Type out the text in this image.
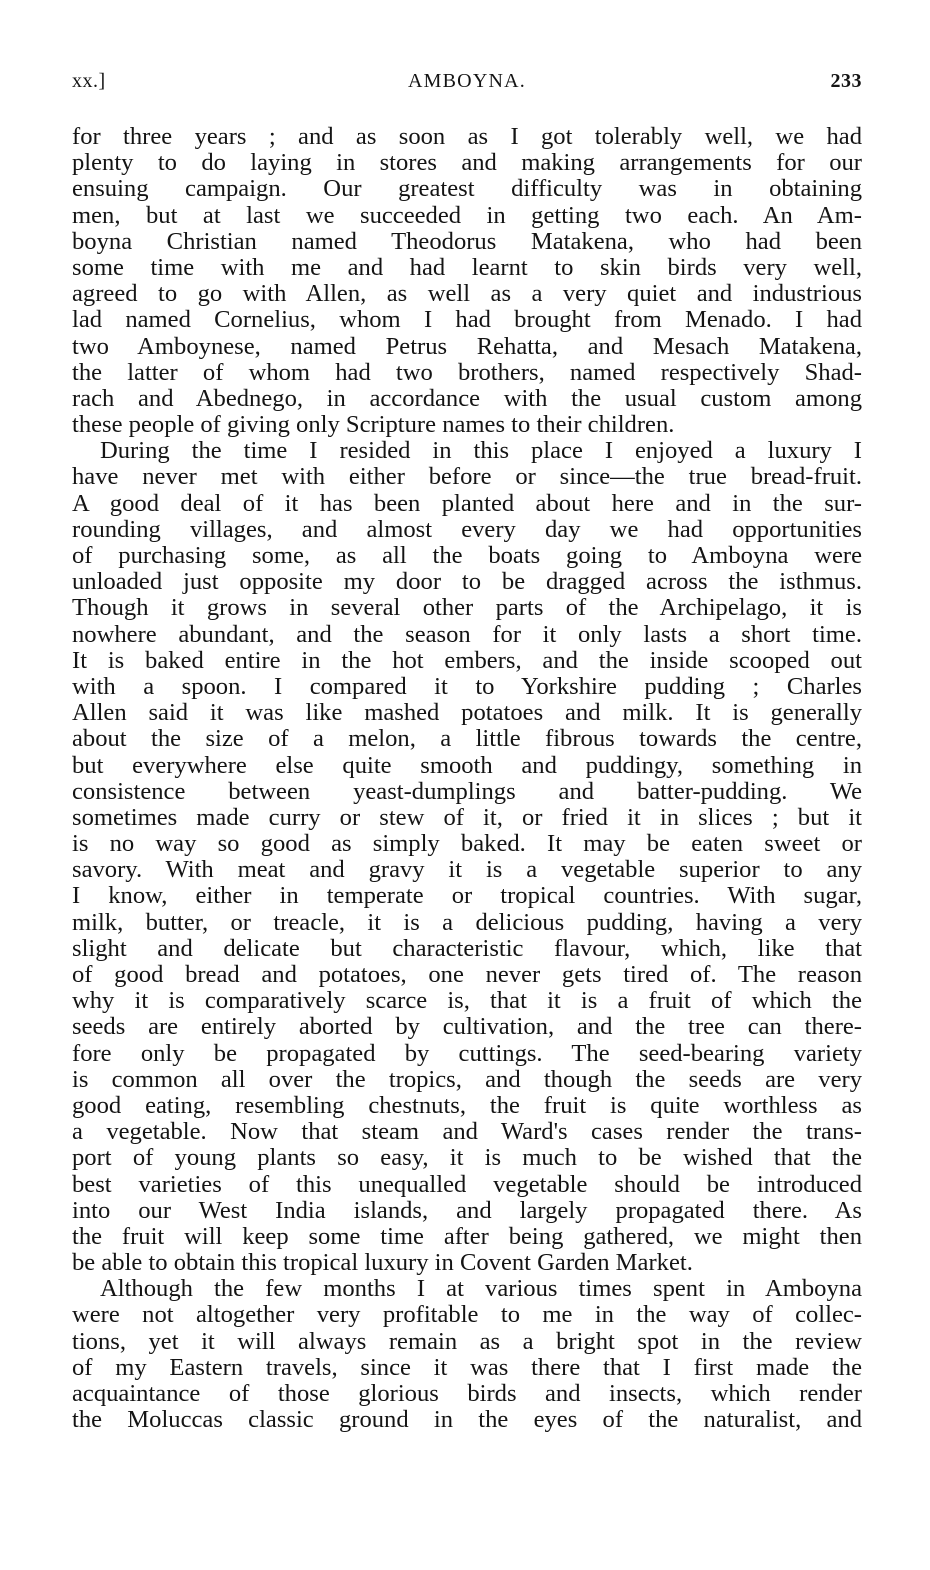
xx.]	AMBOYNA.	233
for three years ; and as soon as I got tolerably well, we had
plenty to do laying in stores and making arrangements for our
ensuing campaign. Our greatest difficulty was in obtaining
men, but at last we succeeded in getting two each. An Am-
boyna Christian named Theodorus Matakena, who had been
some time with me and had learnt to skin birds very well,
agreed to go with Allen, as well as a very quiet and industrious
lad named Cornelius, whom I had brought from Menado. I had
two Amboynese, named Petrus Rehatta, and Mesach Matakena,
the latter of whom had two brothers, named respectively Shad-
rach and Abednego, in accordance with the usual custom among
these people of giving only Scripture names to their children.
During the time I resided in this place I enjoyed a luxury I
have never met with either before or since—the true bread-fruit.
A good deal of it has been planted about here and in the sur-
rounding villages, and almost every day we had opportunities
of purchasing some, as all the boats going to Amboyna were
unloaded just opposite my door to be dragged across the isthmus.
Though it grows in several other parts of the Archipelago, it is
nowhere abundant, and the season for it only lasts a short time.
It is baked entire in the hot embers, and the inside scooped out
with a spoon. I compared it to Yorkshire pudding ; Charles
Allen said it was like mashed potatoes and milk. It is generally
about the size of a melon, a little fibrous towards the centre,
but everywhere else quite smooth and puddingy, something in
consistence between yeast-dumplings and batter-pudding. We
sometimes made curry or stew of it, or fried it in slices ; but it
is no way so good as simply baked. It may be eaten sweet or
savory. With meat and gravy it is a vegetable superior to any
I know, either in temperate or tropical countries. With sugar,
milk, butter, or treacle, it is a delicious pudding, having a very
slight and delicate but characteristic flavour, which, like that
of good bread and potatoes, one never gets tired of. The reason
why it is comparatively scarce is, that it is a fruit of which the
seeds are entirely aborted by cultivation, and the tree can there-
fore only be propagated by cuttings. The seed-bearing variety
is common all over the tropics, and though the seeds are very
good eating, resembling chestnuts, the fruit is quite worthless as
a vegetable. Now that steam and Ward's cases render the trans-
port of young plants so easy, it is much to be wished that the
best varieties of this unequalled vegetable should be introduced
into our West India islands, and largely propagated there. As
the fruit will keep some time after being gathered, we might then
be able to obtain this tropical luxury in Covent Garden Market.
Although the few months I at various times spent in Amboyna
were not altogether very profitable to me in the way of collec-
tions, yet it will always remain as a bright spot in the review
of my Eastern travels, since it was there that I first made the
acquaintance of those glorious birds and insects, which render
the Moluccas classic ground in the eyes of the naturalist, and
